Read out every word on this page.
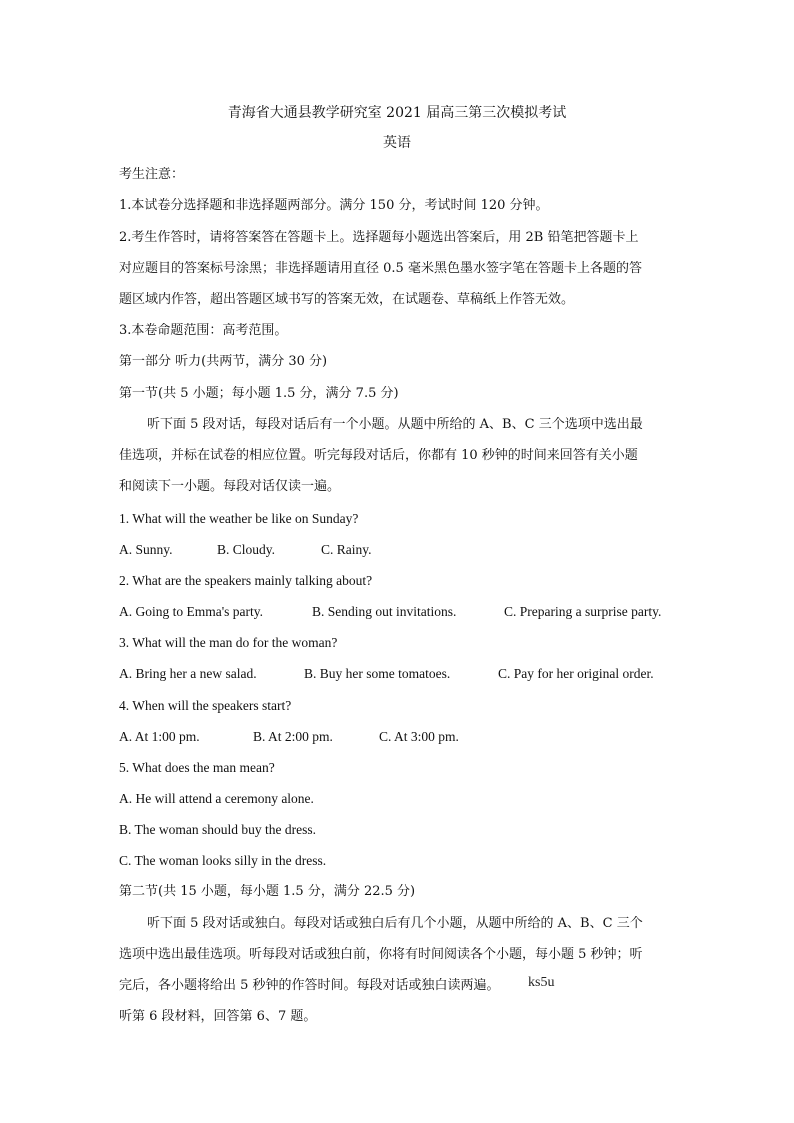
青海省大通县教学研究室 2021 届高三第三次模拟考试
英语
考生注意：
1.本试卷分选择题和非选择题两部分。满分 150 分，考试时间 120 分钟。
2.考生作答时，请将答案答在答题卡上。选择题每小题选出答案后，用 2B 铅笔把答题卡上
对应题目的答案标号涂黑；非选择题请用直径 0.5 毫米黑色墨水签字笔在答题卡上各题的答
题区域内作答，超出答题区域书写的答案无效，在试题卷、草稿纸上作答无效。
3.本卷命题范围：高考范围。
第一部分 听力(共两节，满分 30 分)
第一节(共 5 小题；每小题 1.5 分，满分 7.5 分)
听下面 5 段对话，每段对话后有一个小题。从题中所给的 A、B、C 三个选项中选出最
佳选项，并标在试卷的相应位置。听完每段对话后，你都有 10 秒钟的时间来回答有关小题
和阅读下一小题。每段对话仅读一遍。
1. What will the weather be like on Sunday?
A. Sunny.	B. Cloudy.	C. Rainy.
2. What are the speakers mainly talking about?
A. Going to Emma's party.	B. Sending out invitations.	C. Preparing a surprise party.
3. What will the man do for the woman?
A. Bring her a new salad.	B. Buy her some tomatoes.	C. Pay for her original order.
4. When will the speakers start?
A. At 1:00 pm.	B. At 2:00 pm.	C. At 3:00 pm.
5. What does the man mean?
A. He will attend a ceremony alone.
B. The woman should buy the dress.
C. The woman looks silly in the dress.
第二节(共 15 小题，每小题 1.5 分，满分 22.5 分)
听下面 5 段对话或独白。每段对话或独白后有几个小题，从题中所给的 A、B、C 三个
选项中选出最佳选项。听每段对话或独白前，你将有时间阅读各个小题，每小题 5 秒钟；听
完后，各小题将给出 5 秒钟的作答时间。每段对话或独白读两遍。	ks5u
听第 6 段材料，回答第 6、7 题。
